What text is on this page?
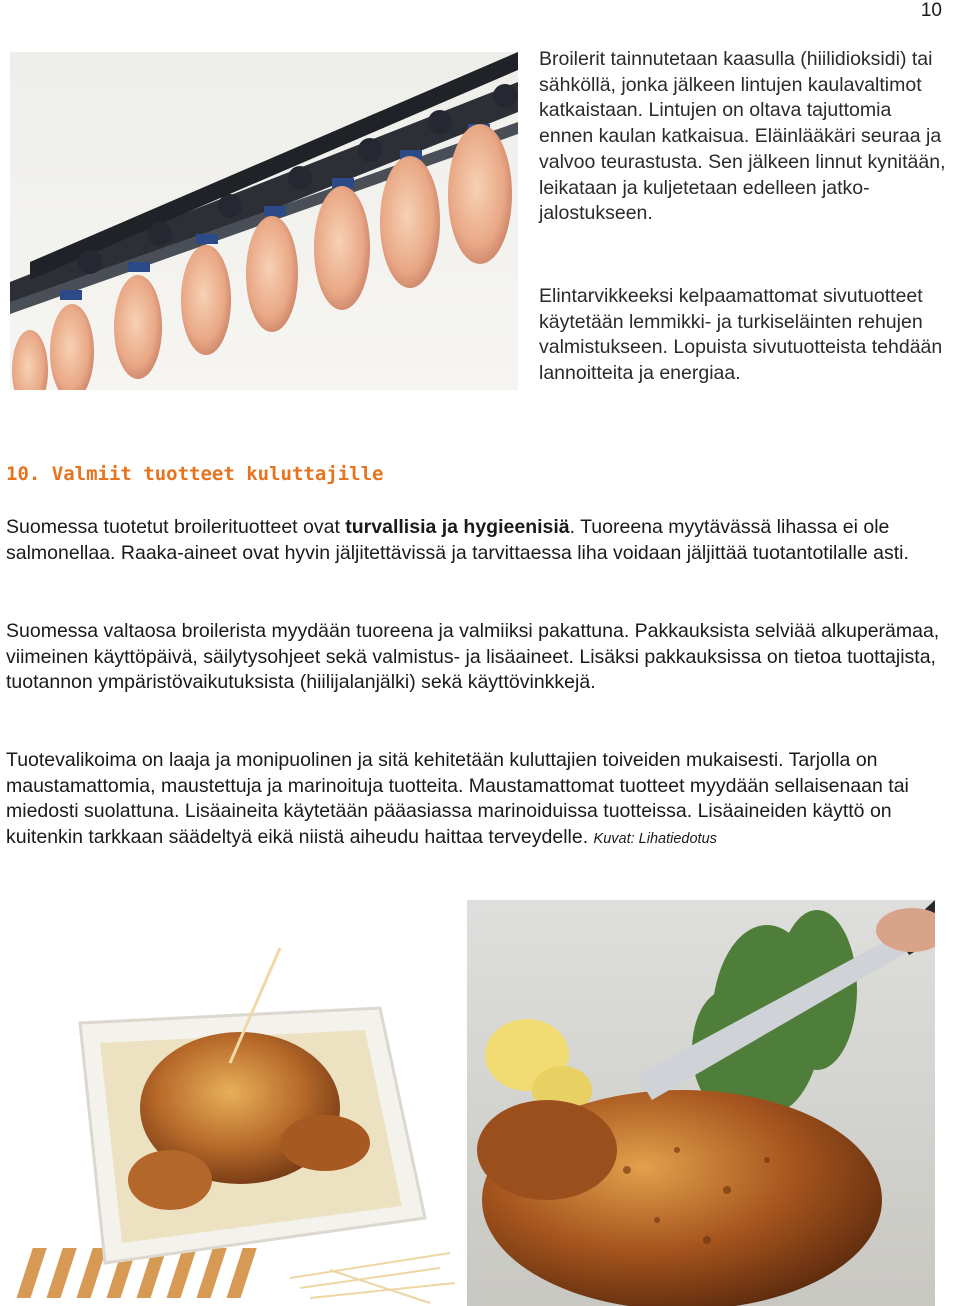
10

Broilerit tainnutetaan kaasulla (hiilidioksidi) tai sähköllä, jonka jälkeen lintujen kaulavaltimot katkaistaan. Lintujen on oltava tajuttomia ennen kaulan katkaisua. Eläinlääkäri seuraa ja valvoo teurastusta. Sen jälkeen linnut kynitään, leikataan ja kuljetetaan edelleen jatko-jalostukseen.

Elintarvikkeeksi kelpaamattomat sivutuotteet käytetään lemmikki- ja turkiseläinten rehujen valmistukseen. Lopuista sivutuotteista tehdään lannoitteita ja energiaa.

10. Valmiit tuotteet kuluttajille

Suomessa tuotetut broilerituotteet ovat turvallisia ja hygieenisiä. Tuoreena myytävässä lihassa ei ole salmonellaa. Raaka-aineet ovat hyvin jäljitettävissä ja tarvittaessa liha voidaan jäljittää tuotantotilalle asti.

Suomessa valtaosa broilerista myydään tuoreena ja valmiiksi pakattuna. Pakkauksista selviää alkuperämaa, viimeinen käyttöpäivä, säilytysohjeet sekä valmistus- ja lisäaineet. Lisäksi pakkauksissa on tietoa tuottajista, tuotannon ympäristövaikutuksista (hiilijalanjälki) sekä käyttövinkkejä.

Tuotevalikoima on laaja ja monipuolinen ja sitä kehitetään kuluttajien toiveiden mukaisesti. Tarjolla on maustamattomia, maustettuja ja marinoituja tuotteita. Maustamattomat tuotteet myydään sellaisenaan tai miedosti suolattuna. Lisäaineita käytetään pääasiassa marinoiduissa tuotteissa. Lisäaineiden käyttö on kuitenkin tarkkaan säädeltyä eikä niistä aiheudu haittaa terveydelle. Kuvat: Lihatiedotus
